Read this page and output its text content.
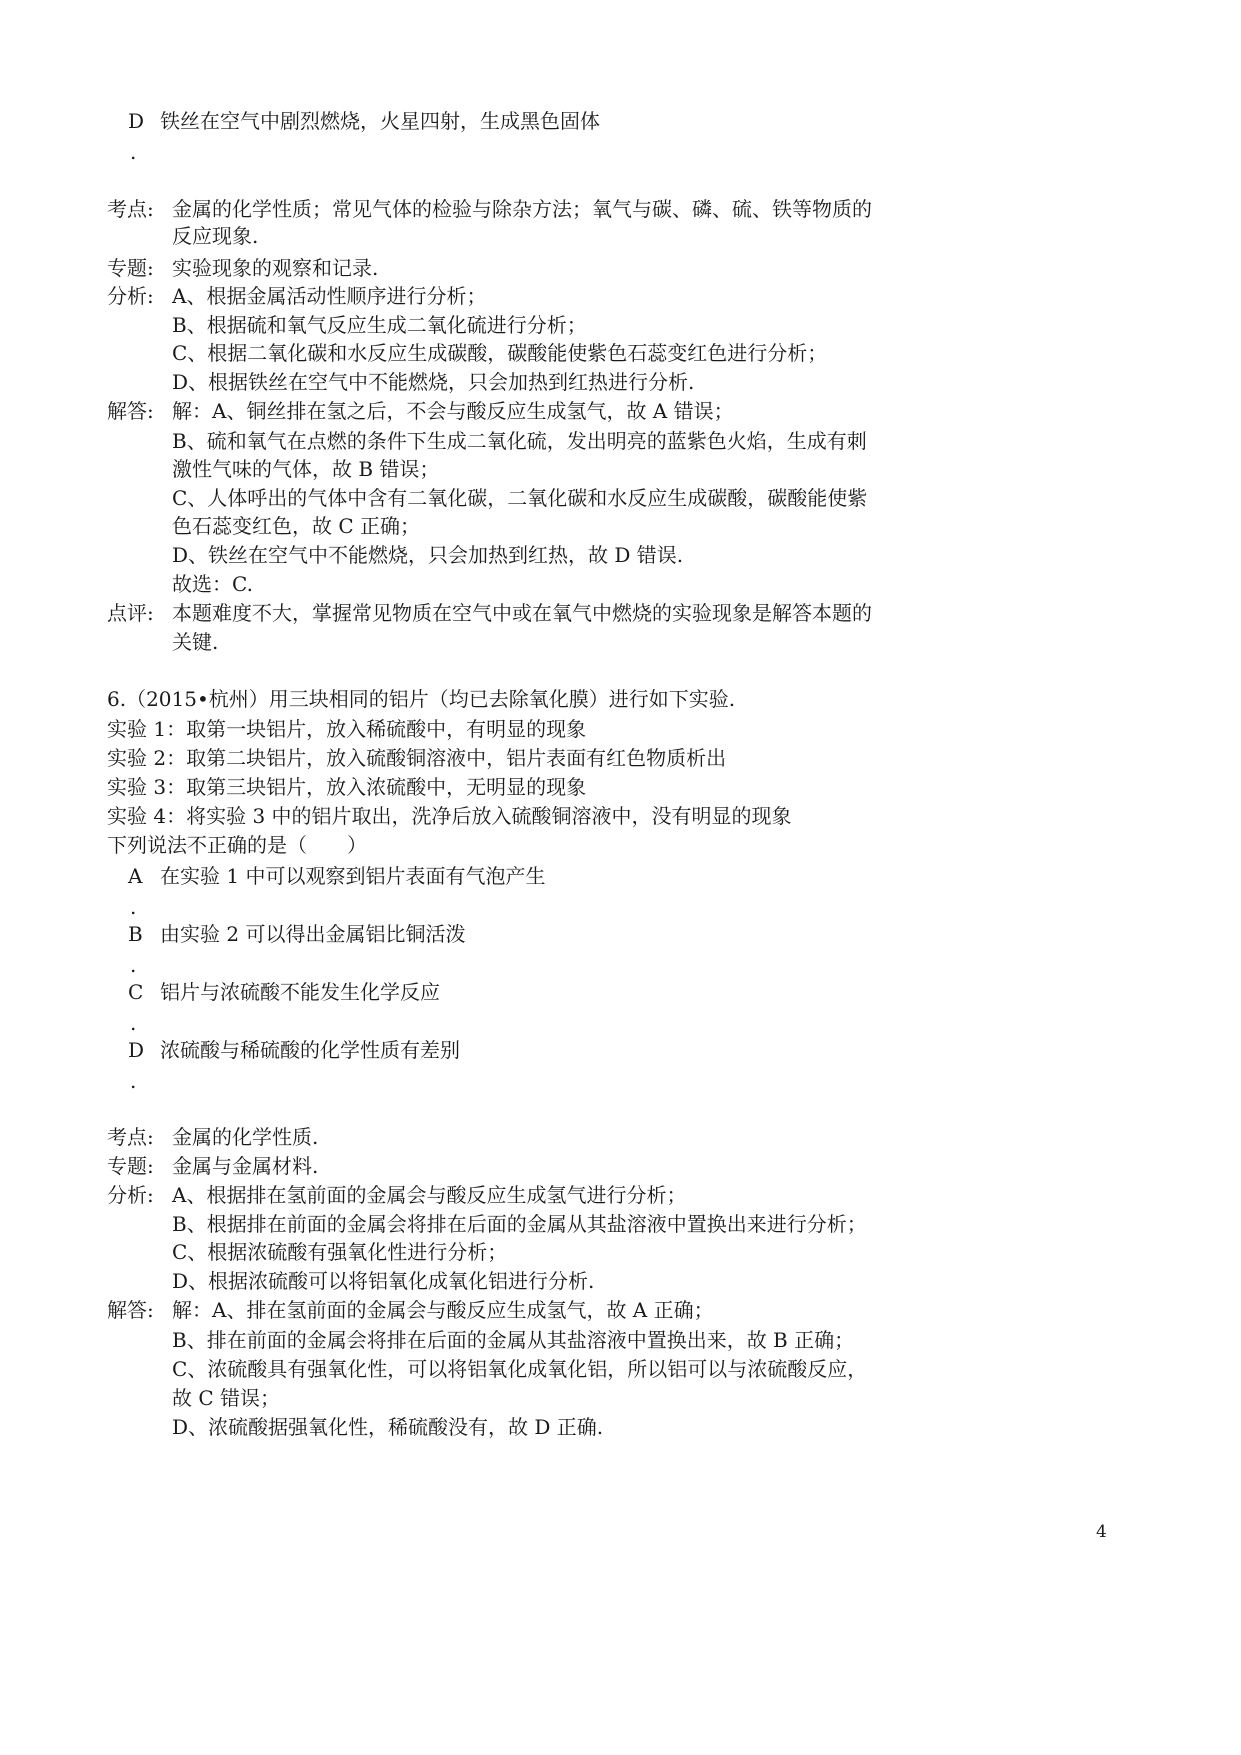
D 铁丝在空气中剧烈燃烧，火星四射，生成黑色固体
.
考点: 金属的化学性质；常见气体的检验与除杂方法；氧气与碳、磷、硫、铁等物质的
反应现象.
专题: 实验现象的观察和记录.
分析: A、根据金属活动性顺序进行分析；
B、根据硫和氧气反应生成二氧化硫进行分析；
C、根据二氧化碳和水反应生成碳酸，碳酸能使紫色石蕊变红色进行分析；
D、根据铁丝在空气中不能燃烧，只会加热到红热进行分析.
解答: 解：A、铜丝排在氢之后，不会与酸反应生成氢气，故 A 错误；
B、硫和氧气在点燃的条件下生成二氧化硫，发出明亮的蓝紫色火焰，生成有刺
激性气味的气体，故 B 错误；
C、人体呼出的气体中含有二氧化碳，二氧化碳和水反应生成碳酸，碳酸能使紫
色石蕊变红色，故 C 正确；
D、铁丝在空气中不能燃烧，只会加热到红热，故 D 错误.
故选：C.
点评: 本题难度不大，掌握常见物质在空气中或在氧气中燃烧的实验现象是解答本题的
关键.
6.（2015•杭州）用三块相同的铝片（均已去除氧化膜）进行如下实验.
实验 1：取第一块铝片，放入稀硫酸中，有明显的现象
实验 2：取第二块铝片，放入硫酸铜溶液中，铝片表面有红色物质析出
实验 3：取第三块铝片，放入浓硫酸中，无明显的现象
实验 4：将实验 3 中的铝片取出，洗净后放入硫酸铜溶液中，没有明显的现象
下列说法不正确的是（　　）
A 在实验 1 中可以观察到铝片表面有气泡产生
.
B 由实验 2 可以得出金属铝比铜活泼
.
C 铝片与浓硫酸不能发生化学反应
.
D 浓硫酸与稀硫酸的化学性质有差别
.
考点: 金属的化学性质.
专题: 金属与金属材料.
分析: A、根据排在氢前面的金属会与酸反应生成氢气进行分析；
B、根据排在前面的金属会将排在后面的金属从其盐溶液中置换出来进行分析；
C、根据浓硫酸有强氧化性进行分析；
D、根据浓硫酸可以将铝氧化成氧化铝进行分析.
解答: 解：A、排在氢前面的金属会与酸反应生成氢气，故 A 正确；
B、排在前面的金属会将排在后面的金属从其盐溶液中置换出来，故 B 正确；
C、浓硫酸具有强氧化性，可以将铝氧化成氧化铝，所以铝可以与浓硫酸反应，
故 C 错误；
D、浓硫酸据强氧化性，稀硫酸没有，故 D 正确.
4
